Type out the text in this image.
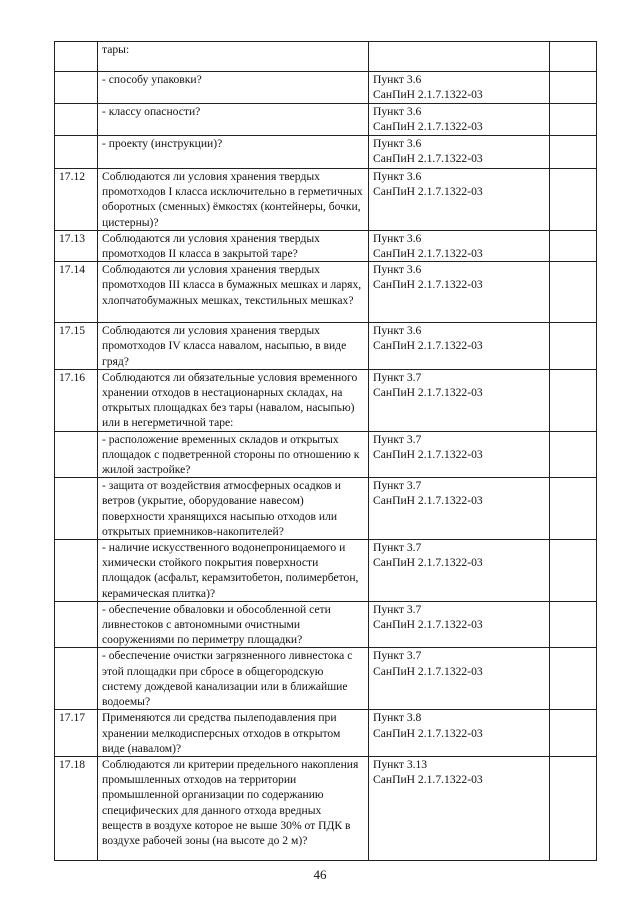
	тары:	

	- способу упаковки?	Пункт 3.6
СанПиН 2.1.7.1322-03	

	- классу опасности?	Пункт 3.6
СанПиН 2.1.7.1322-03	

	- проекту (инструкции)?	Пункт 3.6
СанПиН 2.1.7.1322-03	

17.12	Соблюдаются ли условия хранения твердых промотходов I класса исключительно в герметичных оборотных (сменных) ёмкостях (контейнеры, бочки, цистерны)?	Пункт 3.6
СанПиН 2.1.7.1322-03	

17.13	Соблюдаются ли условия хранения твердых промотходов II класса в закрытой таре?	Пункт 3.6
СанПиН 2.1.7.1322-03	

17.14	Соблюдаются ли условия хранения твердых промотходов III класса в бумажных мешках и ларях, хлопчатобумажных мешках, текстильных мешках?	Пункт 3.6
СанПиН 2.1.7.1322-03	

17.15	Соблюдаются ли условия хранения твердых промотходов IV класса навалом, насыпью, в виде гряд?	Пункт 3.6
СанПиН 2.1.7.1322-03	

17.16	Соблюдаются ли обязательные условия временного хранении отходов в нестационарных складах, на открытых площадках без тары (навалом, насыпью) или в негерметичной таре:	Пункт 3.7
СанПиН 2.1.7.1322-03	

	- расположение временных складов и открытых площадок с подветренной стороны по отношению к жилой застройке?	Пункт 3.7
СанПиН 2.1.7.1322-03	

	- защита от воздействия атмосферных осадков и ветров (укрытие, оборудование навесом) поверхности хранящихся насыпью отходов или открытых приемников-накопителей?	Пункт 3.7
СанПиН 2.1.7.1322-03	

	- наличие искусственного водонепроницаемого и химически стойкого покрытия поверхности площадок (асфальт, керамзитобетон, полимербетон, керамическая плитка)?	Пункт 3.7
СанПиН 2.1.7.1322-03	

	- обеспечение обваловки и обособленной сети ливнестоков с автономными очистными сооружениями по периметру площадки?	Пункт 3.7
СанПиН 2.1.7.1322-03	

	- обеспечение очистки загрязненного ливнестока с этой площадки при сбросе в общегородскую систему дождевой канализации или в ближайшие водоемы?	Пункт 3.7
СанПиН 2.1.7.1322-03	

17.17	Применяются ли средства пылеподавления при хранении мелкодисперсных отходов в открытом виде (навалом)?	Пункт 3.8
СанПиН 2.1.7.1322-03	

17.18	Соблюдаются ли критерии предельного накопления промышленных отходов на территории промышленной организации по содержанию специфических для данного отхода вредных веществ в воздухе которое не выше 30% от ПДК в воздухе рабочей зоны (на высоте до 2 м)?	Пункт 3.13
СанПиН 2.1.7.1322-03	

46
